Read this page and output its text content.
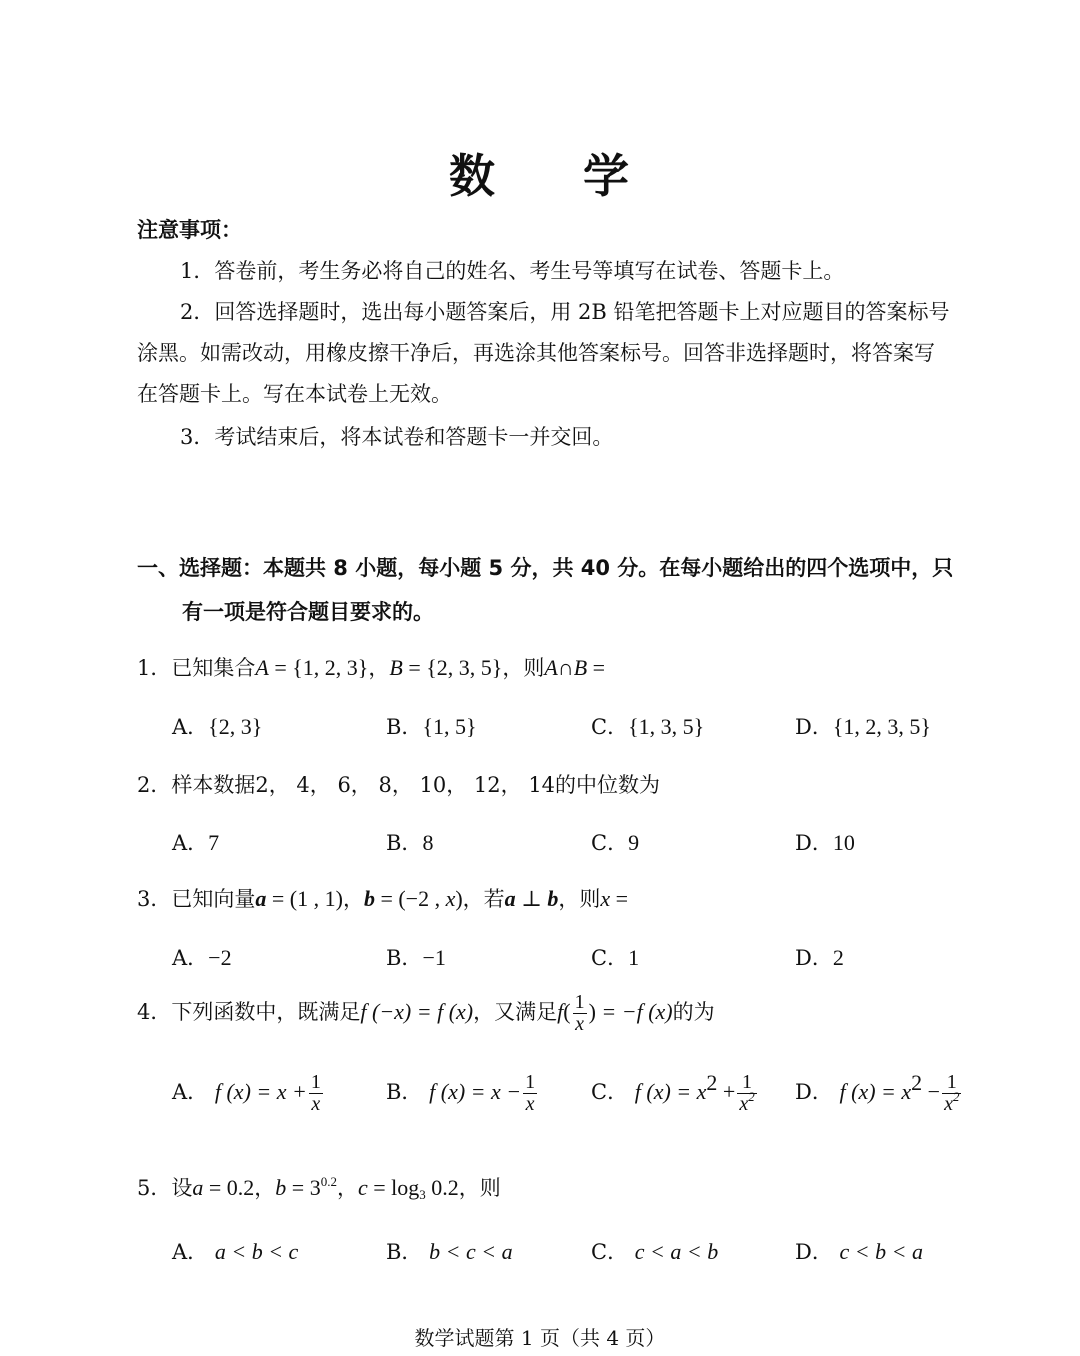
数 学
注意事项：
1．答卷前，考生务必将自己的姓名、考生号等填写在试卷、答题卡上。
2．回答选择题时，选出每小题答案后，用 2B 铅笔把答题卡上对应题目的答案标号
涂黑。如需改动，用橡皮擦干净后，再选涂其他答案标号。回答非选择题时，将答案写
在答题卡上。写在本试卷上无效。
3．考试结束后，将本试卷和答题卡一并交回。
一、选择题：本题共 8 小题，每小题 5 分，共 40 分。在每小题给出的四个选项中，只
有一项是符合题目要求的。
1．已知集合A = {1, 2, 3}，B = {2, 3, 5}，则A∩B =
A．{2, 3}	B．{1, 5}	C．{1, 3, 5}	D．{1, 2, 3, 5}
2．样本数据2， 4， 6， 8， 10， 12， 14的中位数为
A．7	B．8	C．9	D．10
3．已知向量a = (1 , 1)，b = (−2 , x)，若a ⊥ b，则x =
A．−2	B．−1	C．1	D．2
4．下列函数中，既满足f (−x) = f (x)，又满足$f( \frac{1}{x}$ ) = −f (x)的为
A． f $(x) = x + \frac{1}{x}$	B． f $(x) = x - \frac{1}{x}$	C． f $(x) = x^2 + \frac{1}{x^2}$ D． f $(x) = x^2 - \frac{1}{x^2}$
5．设a = 0.2，$b = 3^{0.2}$，$c = \log_3 0.2$，则
A． a < b < c	B． b < c < a	C． c < a < b	D． c < b < a
数学试题第 1 页（共 4 页）
